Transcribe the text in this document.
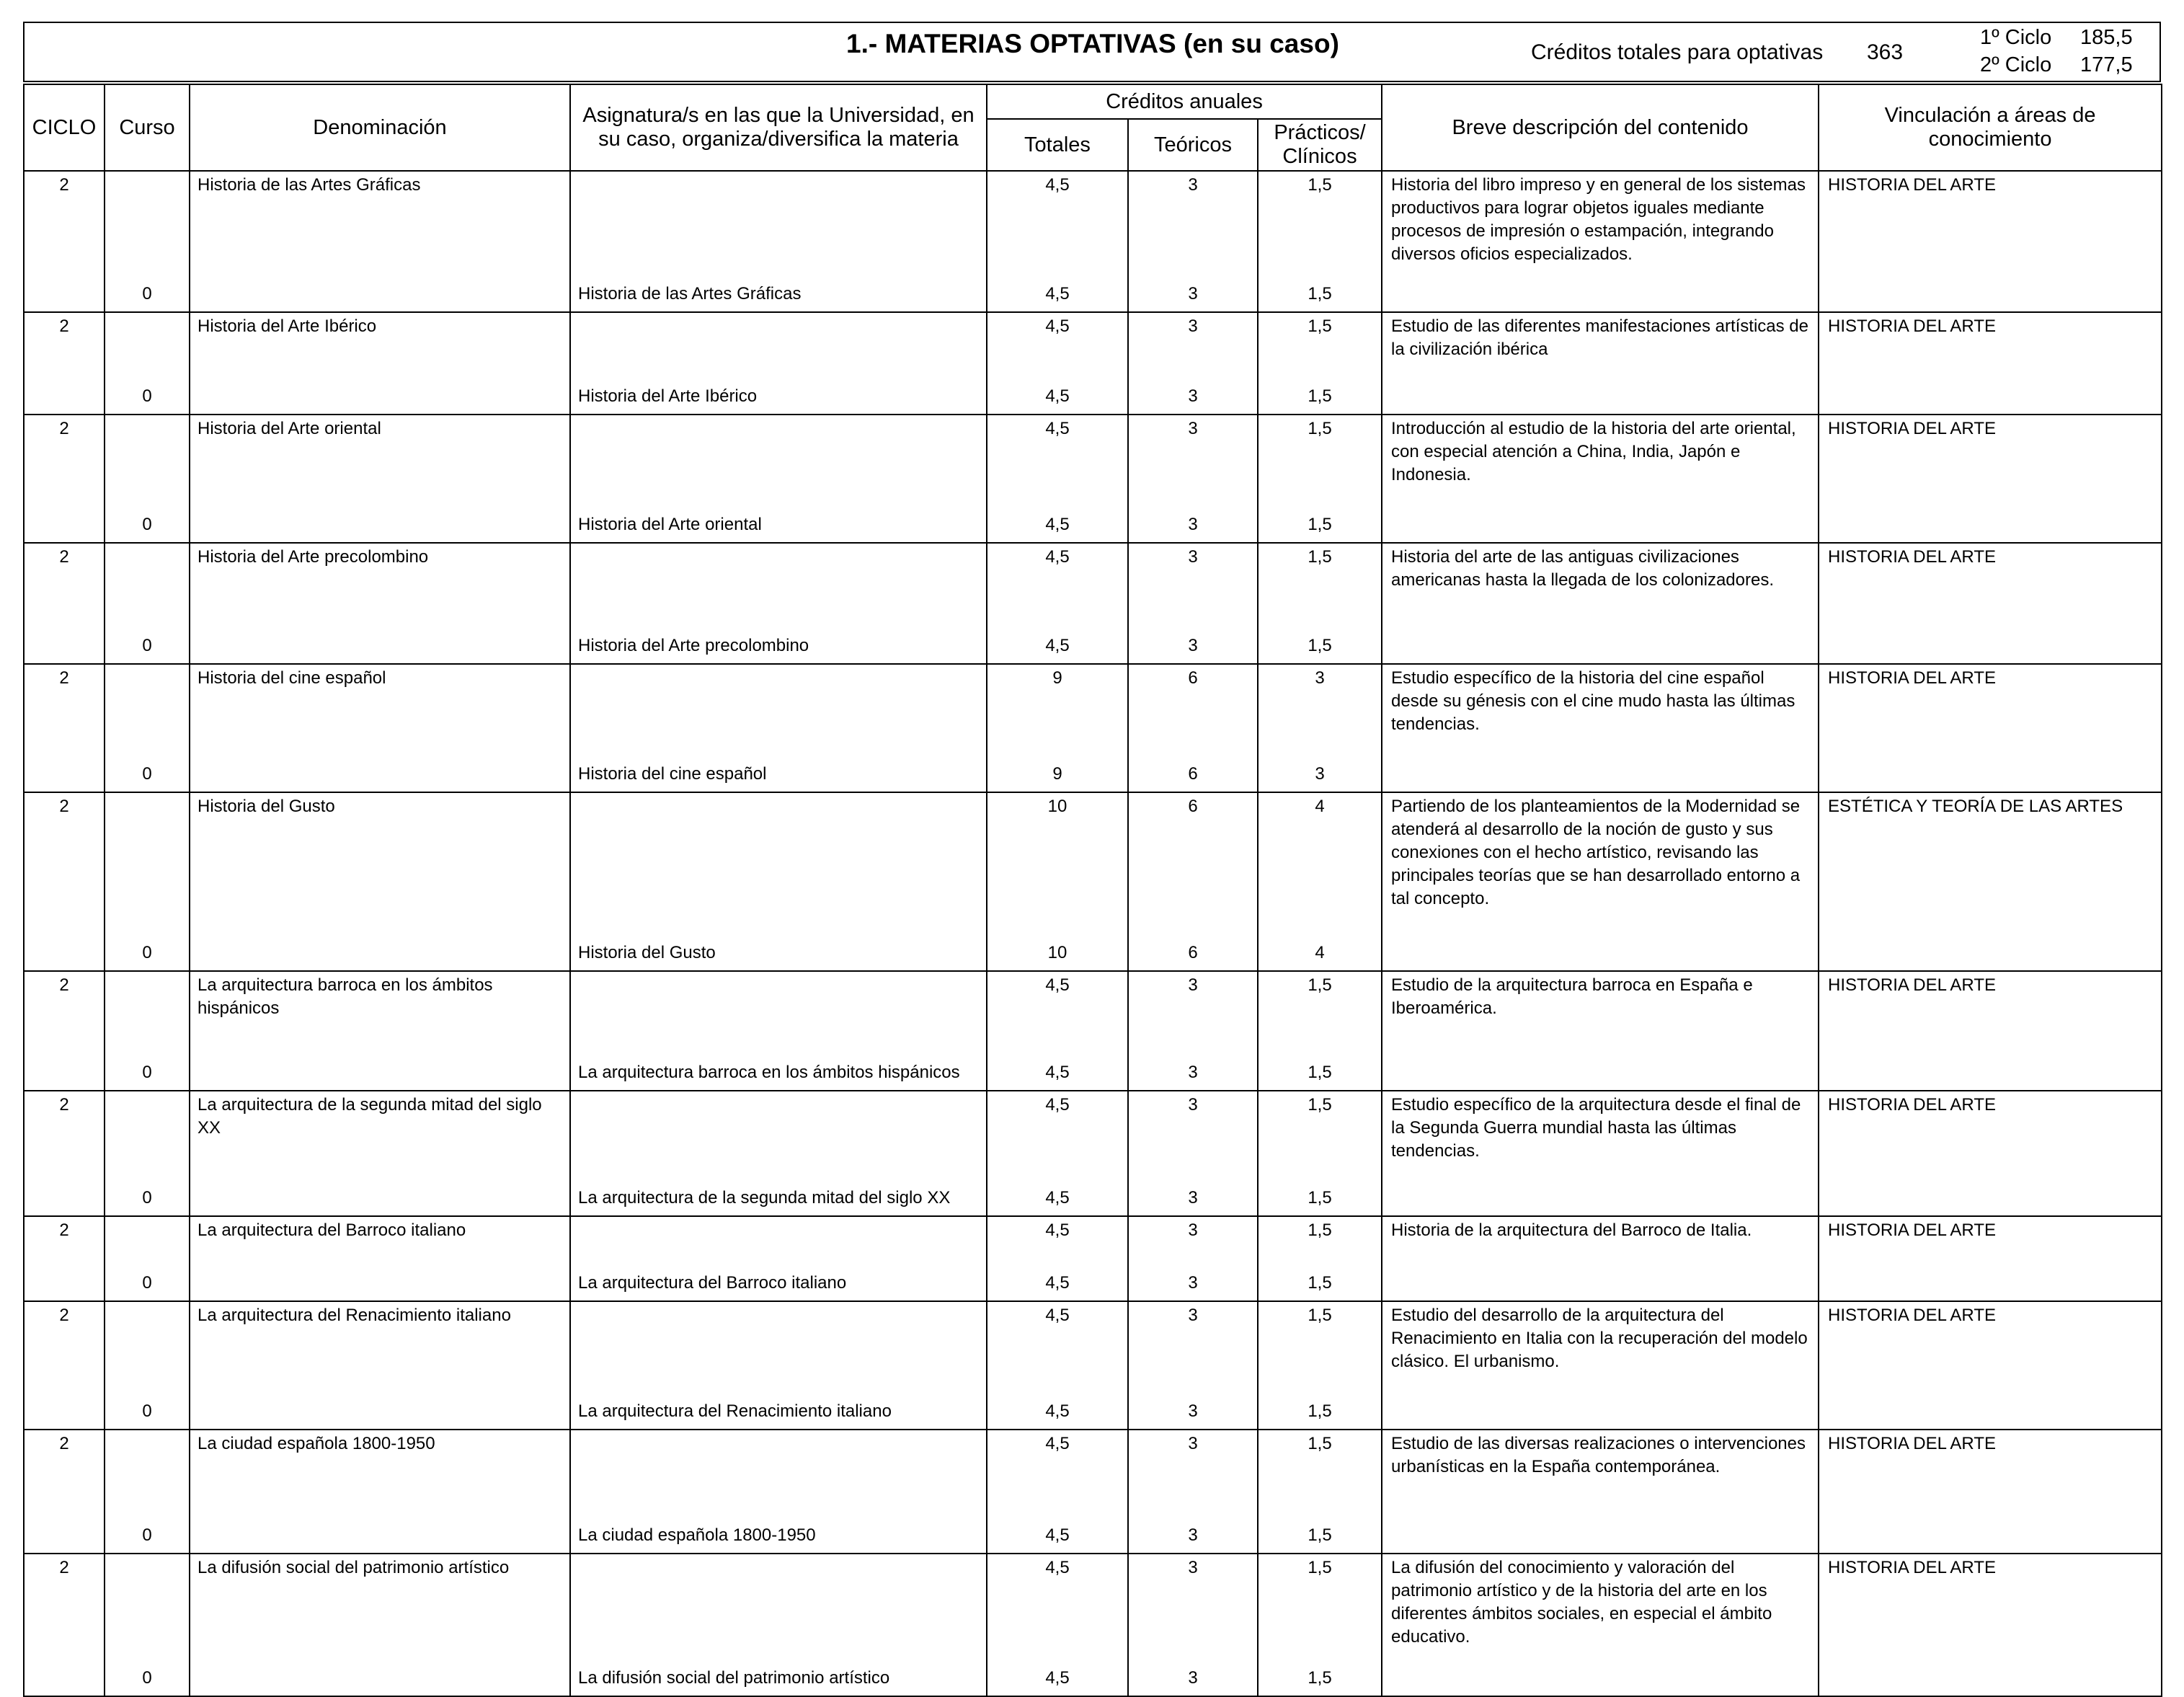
1.- MATERIAS OPTATIVAS (en su caso)	Créditos totales para optativas 363
1º Ciclo 185,5
2º Ciclo 177,5
CICLO	Curso	Denominación	Asignatura/s en las que la Universidad, en su caso, organiza/diversifica la materia	Créditos anuales			Breve descripción del contenido	Vinculación a áreas de conocimiento
				Totales	Teóricos	Prácticos/ Clínicos		
2		Historia de las Artes Gráficas		4,5	3	1,5	Historia del libro impreso y en general de los sistemas productivos para lograr objetos iguales mediante procesos de impresión o estampación, integrando diversos oficios especializados.	HISTORIA DEL ARTE
	0		Historia de las Artes Gráficas	4,5	3	1,5		
2		Historia del Arte Ibérico		4,5	3	1,5	Estudio de las diferentes manifestaciones artísticas de la civilización ibérica	HISTORIA DEL ARTE
	0		Historia del Arte Ibérico	4,5	3	1,5		
2		Historia del Arte oriental		4,5	3	1,5	Introducción al estudio de la historia del arte oriental, con especial atención a China, India, Japón e Indonesia.	HISTORIA DEL ARTE
	0		Historia del Arte oriental	4,5	3	1,5		
2		Historia del Arte precolombino		4,5	3	1,5	Historia del arte de las antiguas civilizaciones americanas hasta la llegada de los colonizadores.	HISTORIA DEL ARTE
	0		Historia del Arte precolombino	4,5	3	1,5		
2		Historia del cine español		9	6	3	Estudio específico de la historia del cine español desde su génesis con el cine mudo hasta las últimas tendencias.	HISTORIA DEL ARTE
	0		Historia del cine español	9	6	3		
2		Historia del Gusto		10	6	4	Partiendo de los planteamientos de la Modernidad se atenderá al desarrollo de la noción de gusto y sus conexiones con el hecho artístico, revisando las principales teorías que se han desarrollado entorno a tal concepto.	ESTÉTICA Y TEORÍA DE LAS ARTES
	0		Historia del Gusto	10	6	4		
2		La arquitectura barroca en los ámbitos hispánicos		4,5	3	1,5	Estudio de la arquitectura barroca en España e Iberoamérica.	HISTORIA DEL ARTE
	0		La arquitectura barroca en los ámbitos hispánicos	4,5	3	1,5		
2		La arquitectura de la segunda mitad del siglo XX		4,5	3	1,5	Estudio específico de la arquitectura desde el final de la Segunda Guerra mundial hasta las últimas tendencias.	HISTORIA DEL ARTE
	0		La arquitectura de la segunda mitad del siglo XX	4,5	3	1,5		
2		La arquitectura del Barroco italiano		4,5	3	1,5	Historia de la arquitectura del Barroco de Italia.	HISTORIA DEL ARTE
	0		La arquitectura del Barroco italiano	4,5	3	1,5		
2		La arquitectura del Renacimiento italiano		4,5	3	1,5	Estudio del desarrollo de la arquitectura del Renacimiento en Italia con la recuperación del modelo clásico. El urbanismo.	HISTORIA DEL ARTE
	0		La arquitectura del Renacimiento italiano	4,5	3	1,5		
2		La ciudad española 1800-1950		4,5	3	1,5	Estudio de las diversas realizaciones o intervenciones urbanísticas en la España contemporánea.	HISTORIA DEL ARTE
	0		La ciudad española 1800-1950	4,5	3	1,5		
2		La difusión social del patrimonio artístico		4,5	3	1,5	La difusión del conocimiento y valoración del patrimonio artístico y de la historia del arte en los diferentes ámbitos sociales, en especial el ámbito educativo.	HISTORIA DEL ARTE
	0		La difusión social del patrimonio artístico	4,5	3	1,5		
